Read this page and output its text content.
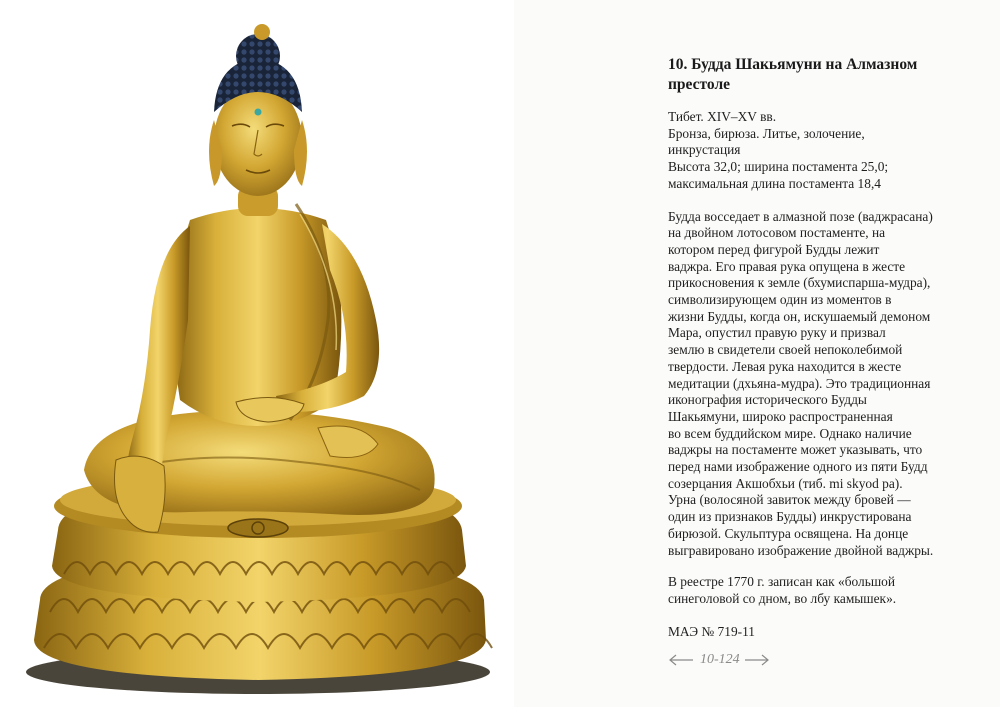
10. Будда Шакьямуни на Алмазном
престоле
Тибет. XIV–XV вв.
Бронза, бирюза. Литье, золочение,
инкрустация
Высота 32,0; ширина постамента 25,0;
максимальная длина постамента 18,4
Будда восседает в алмазной позе (ваджрасана)
на двойном лотосовом постаменте, на
котором перед фигурой Будды лежит
ваджра. Его правая рука опущена в жесте
прикосновения к земле (бхумиспарша-мудра),
символизирующем один из моментов в
жизни Будды, когда он, искушаемый демоном
Мара, опустил правую руку и призвал
землю в свидетели своей непоколебимой
твердости. Левая рука находится в жесте
медитации (дхьяна-мудра). Это традиционная
иконография исторического Будды
Шакьямуни, широко распространенная
во всем буддийском мире. Однако наличие
ваджры на постаменте может указывать, что
перед нами изображение одного из пяти Будд
созерцания Акшобхьи (тиб. mi skyod pa).
Урна (волосяной завиток между бровей —
один из признаков Будды) инкрустирована
бирюзой. Скульптура освящена. На донце
выгравировано изображение двойной ваджры.
В реестре 1770 г. записан как «большой
синеголовой со дном, во лбу камышек».
МАЭ № 719-11
10-124
